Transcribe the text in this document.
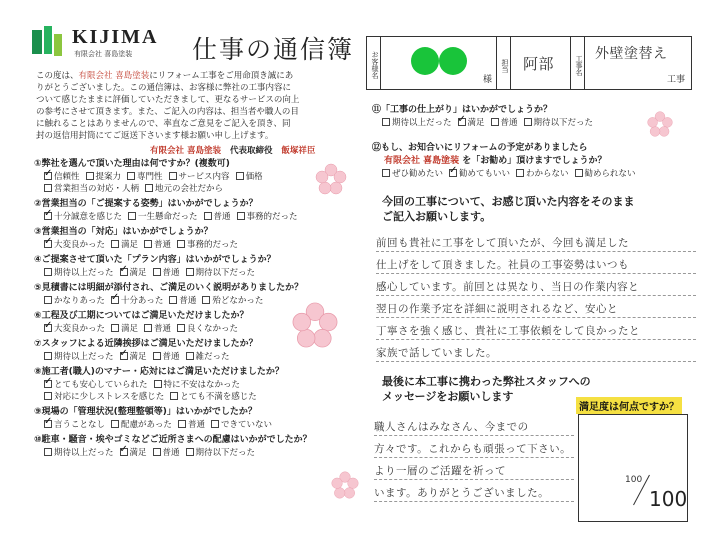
KIJIMA
有限会社 喜島塗装 仕事の通信簿
この度は、有限会社 喜島塗装にリフォーム工事をご用命頂き誠にあ
りがとうございました。この通信簿は、お客様に弊社の工事内容に
ついて感じたままに評価していただきまして、更なるサービスの向上
の参考にさせて頂きます。また、ご記入の内容は、担当者や職人の目
に触れることはありませんので、率直なご意見をご記入を頂き、同
封の返信用封筒にてご返送下さいます様お願い申し上げます。
有限会社 喜島塗装 代表取締役 飯塚祥臣
①弊社を選んで頂いた理由は何ですか？(複数可)
✓信頼性 提案力 専門性 サービス内容 価格
営業担当の対応・人柄 地元の会社だから
②営業担当の「ご提案する姿勢」はいかがでしょうか？
✓十分誠意を感じた 一生懸命だった 普通 事務的だった
③営業担当の「対応」はいかがでしょうか？
✓大変良かった 満足 普通 事務的だった
④ご提案させて頂いた「プラン内容」はいかがでしょうか？
期待以上だった ✓ 満足 普通 期待以下だった
⑤見積書には明細が添付され、ご満足のいく説明がありましたか？
かなりあった ✓ 十分あった 普通 殆どなかった
⑥工程及び工期についてはご満足いただけましたか？
✓大変良かった 満足 普通 良くなかった
⑦スタッフによる近隣挨拶はご満足いただけましたか？
期待以上だった ✓ 満足 普通 雑だった
⑧施工者(職人)のマナー・応対にはご満足いただけましたか？
✓とても安心していられた 特に不安はなかった
対応に少しストレスを感じた とても不満を感じた
⑨現場の「管理状況(整理整頓等)」はいかがでしたか？
✓言うことなし 配慮があった 普通 できていない
⑩駐車・騒音・埃やゴミなどご近所さまへの配慮はいかがでしたか？
期待以上だった ✓ 満足 普通 期待以下だった
お客様名
様
担当 阿部	工事名
外壁塗替え
工事
⑪「工事の仕上がり」はいかがでしょうか？
期待以上だった ✓ 満足 普通 期待以下だった
⑫もし、お知合いにリフォームの予定がありましたら
有限会社 喜島塗装 を「お勧め」頂けますでしょうか？
ぜひ勧めたい ✓ 勧めてもいい わからない 勧められない
今回の工事について、お感じ頂いた内容をそのまま
ご記入お願いします。
前回も貴社に工事をして頂いたが、今回も満足した
仕上げをして頂きました。社員の工事姿勢はいつも
感心しています。前回とは異なり、当日の作業内容と
翌日の作業予定を詳細に説明されるなど、安心と
丁寧さを強く感じ、貴社に工事依頼をして良かったと
家族で話していました。
最後に本工事に携わった弊社スタッフへの
メッセージをお願いします
職人さんはみなさん、今までの
方々です。これからも頑張って下さい。
より一層のご活躍を祈って
います。ありがとうございました。
満足度は何点ですか？
100
100
